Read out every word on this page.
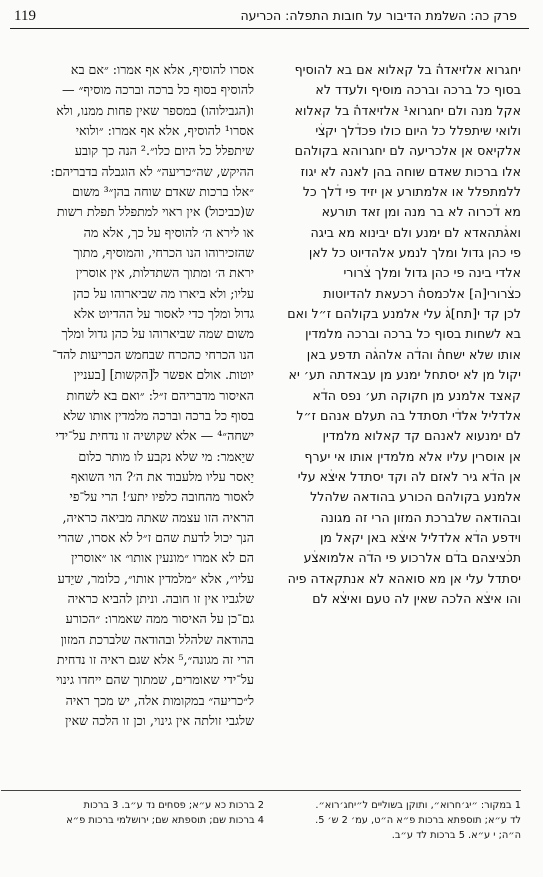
119	פרק כה: השלמת הדיבור על חובות התפלה: הכריעה
יחגרוא אלזיאדה֗ בל קאלוא אם בא להוסיף
בסוף כל ברכה וברכה מוסיף ולעדד לא
אקל מנה ולם יחגרוא¹ אלזיאדה֗ בל קאלוא
ולואי שיתפלל כל היום כולו פכדׄלך יקצׄי
אלקיאס אן אלכריעה לם יחגרוהא בקולהם
אלו ברכות שאדם שוחה בהן לאנה לא יגוז
ללמתפלל או אלמתורע אן יזיד פי דׄלך כל
מא דׄכרוה לא בר מנה ומן זאד תורעא
ואגׄתהאדא לם ימנע ולם יבינוא מא ביגה
פי כהן גדול ומלך לנמע אלהדיוט כל לאן
אלדי בינה פי כהן גדול ומלך צׄרורי
כצׄרורי[ה] אלכמסה֗ רכעאת להדיוטות
לכן קד י[תח]גׄ עלי אלמנע בקולהם ז״ל ואם
בא לשחות בסוף כל ברכה וברכה מלמדין
אותו שלא ישחה֗ והדׄה אלהגׄה תדפע באן
יקול מן לא יסתחל ימנע מן עבאדתה תע׳ יא
קאצד אלמנע מן חקוקה תע׳ נפס הדׄא
אלדליל אלדׄי תסתדל בה תעלם אנהם ז״ל
לם ימנעוא לאנהם קד קאלוא מלמדין
אן אוסרין עליו אלא מלמדין אותו אי יערף
אן הדׄא גיר לאזם לה וקד יסתדל איצׄא עלי
אלמנע בקולהם הכורע בהודאה שלהלל
ובהודאה שלברכת המזון הרי זה מגונה
וידפע הדׄא אלדליל איצׄא באן יקאל מן
תכׄציצהם בדׄם אלרכוע פי הדׄה אלמואצׄע
יסתדל עלי אן מא סואהא לא אנתקאדה פיה
והו איצׄא הלכה שאין לה טעם ואיצׄא לם
אסרו להוסיף, אלא אף אמרו: ״אם בא
להוסיף בסוף כל ברכה וברכה מוסיף״ —
ו(הגבילוהו) במספר שאין פחות ממנו, ולא
אסרו¹ להוסיף, אלא אף אמרו: ״ולואי
שיתפלל כל היום כלו״.² הנה כך קובע
ההיקש, שה״כריעה״ לא הוגבלה בדבריהם:
״אלו ברכות שאדם שוחה בהן״³ משום
ש(כביכול) אין ראוי למתפלל תפלת רשות
או לירא ה׳ להוסיף על כך, אלא מה
שהזכירוהו הנו הכרחי, והמוסיף, מתוך
יראת ה׳ ומתוך השתדלות, אין אוסרין
עליו; ולא ביארו מה שביארוהו על כהן
גדול ומלך כדי לאסור על ההדיוט אלא
משום שמה שביארוהו על כהן גדול ומלך
הנו הכרחי כהכרח שבחמש הכריעות להד־
יוטות. אולם אפשר ל[הקשות] [בעניין
האיסור מדבריהם ז״ל: ״ואם בא לשחות
בסוף כל ברכה וברכה מלמדין אותו שלא
ישחה״⁴ — אלא שקושיה זו נדחית על־ידי
שיֵאמר: מי שלא נקבע לו מותר כלום
יֵאסר עליו מלעבוד את ה׳? הוי השואף
לאסור מהחובה כלפיו יתע׳! הרי על־פי
הראיה הזו עצמה שאתה מביאה כראיה,
הנך יכול לדעת שהם ז״ל לא אסרו, שהרי
הם לא אמרו ״מונעין אותו״ או ״אוסרין
עליו״, אלא ״מלמדין אותו״, כלומר, שיֵדע
שלגביו אין זו חובה. וניתן להביא כראיה
גם־כן על האיסור ממה שאמרו: ״הכורע
בהודאה שלהלל ובהודאה שלברכת המזון
הרי זה מגונה״,⁵ אלא שגם ראיה זו נדחית
על־ידי שאומרים, שמתוך שהם ייחדו גינוי
ל״כריעה״ במקומות אלה, יש מכך ראיה
שלגבי זולתה אין גינוי, וכן זו הלכה שאין
1 במקור: ״יג׳חרוא״, ותוקן בשוליים ל״יחג׳רוא״.
לד ע״א; תוספתא ברכות פ״א ה״ט, עמ׳ 2 ש׳ 5.
ה״ה; י ע״א. 5 ברכות לד ע״ב.
2 ברכות כא ע״א; פסחים נד ע״ב. 3 ברכות
4 ברכות שם; תוספתא שם; ירושלמי ברכות פ״א
